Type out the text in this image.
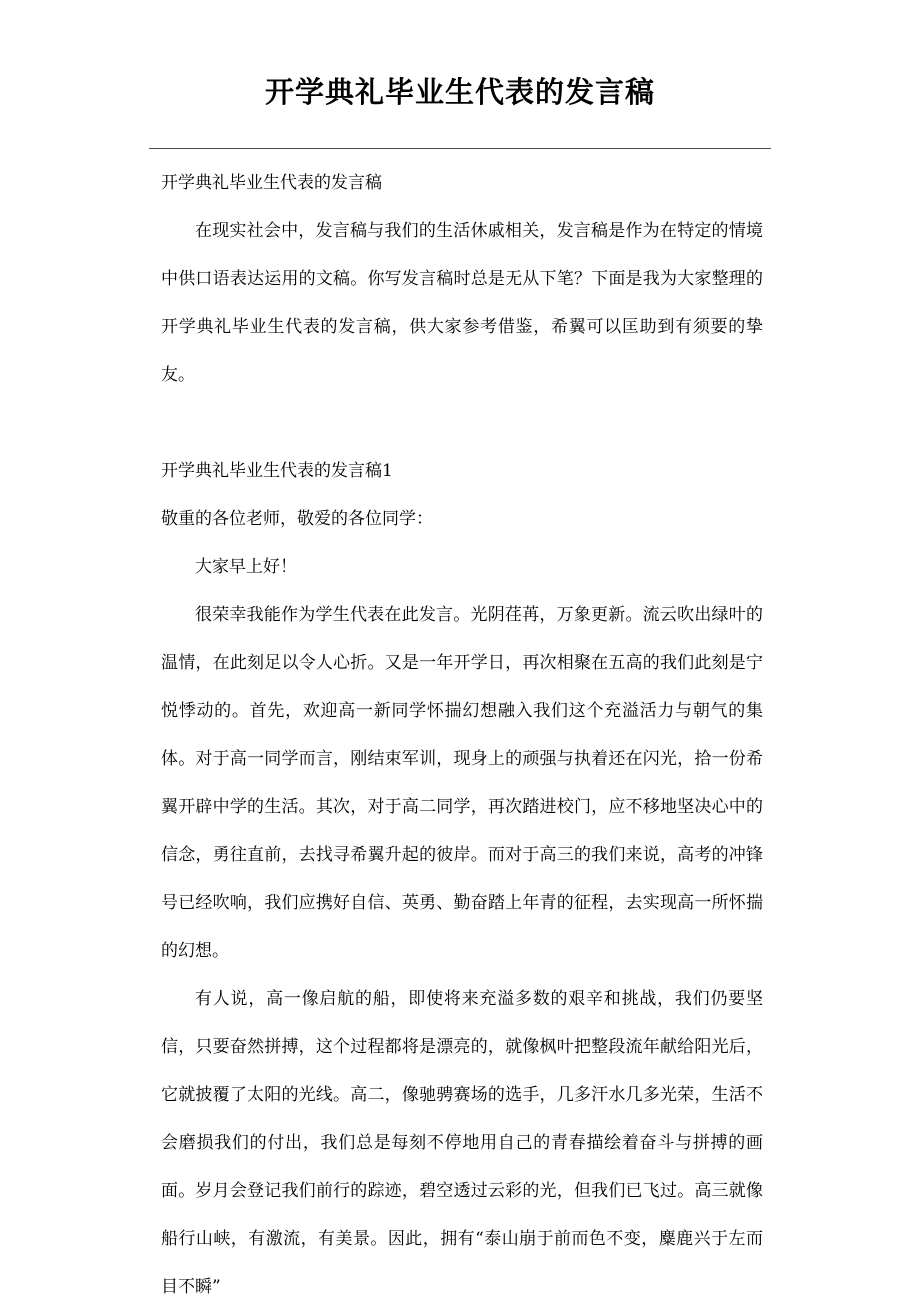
开学典礼毕业生代表的发言稿

开学典礼毕业生代表的发言稿

在现实社会中，发言稿与我们的生活休戚相关，发言稿是作为在特定的情境中供口语表达运用的文稿。你写发言稿时总是无从下笔？下面是我为大家整理的开学典礼毕业生代表的发言稿，供大家参考借鉴，希翼可以匡助到有须要的挚友。

开学典礼毕业生代表的发言稿1

敬重的各位老师，敬爱的各位同学：

大家早上好！

很荣幸我能作为学生代表在此发言。光阴荏苒，万象更新。流云吹出绿叶的温情，在此刻足以令人心折。又是一年开学日，再次相聚在五高的我们此刻是宁悦悸动的。首先，欢迎高一新同学怀揣幻想融入我们这个充溢活力与朝气的集体。对于高一同学而言，刚结束军训，现身上的顽强与执着还在闪光，拾一份希翼开辟中学的生活。其次，对于高二同学，再次踏进校门，应不移地坚决心中的信念，勇往直前，去找寻希翼升起的彼岸。而对于高三的我们来说，高考的冲锋号已经吹响，我们应携好自信、英勇、勤奋踏上年青的征程，去实现高一所怀揣的幻想。

有人说，高一像启航的船，即使将来充溢多数的艰辛和挑战，我们仍要坚信，只要奋然拼搏，这个过程都将是漂亮的，就像枫叶把整段流年献给阳光后，它就披覆了太阳的光线。高二，像驰骋赛场的选手，几多汗水几多光荣，生活不会磨损我们的付出，我们总是每刻不停地用自己的青春描绘着奋斗与拼搏的画面。岁月会登记我们前行的踪迹，碧空透过云彩的光，但我们已飞过。高三就像船行山峡，有激流，有美景。因此，拥有“泰山崩于前而色不变，麋鹿兴于左而目不瞬”
